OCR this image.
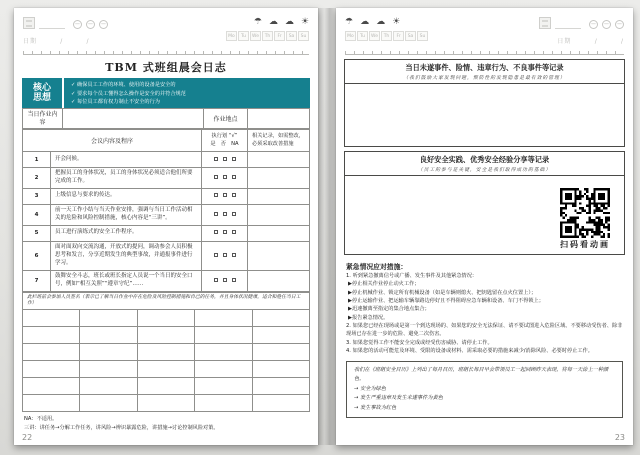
− − −
日期        /        /
☂ ☁ ☁ ☀
Mo	Tu	We	Th	Fr	Sa	Su
TBM 式班组晨会日志
核心
思想
✓ 确保员工工作的环境、使用的设备是安全的
✓ 要求每个员工懂得怎么操作是安全的并符合规范
✓ 每位员工都有权力制止不安全的行为
当日作业内容		作业地点	
会议内容及程序		执行划 “√”
是　否　NA	相关记录，如需整改，必须采取改善措施
1	开会问候。		
2	把握员工的身体状况，员工的身体状况必须适合他们所要完成的工作。		
3	上级信息与要求的传达。		
4	前一天工作小结与当天作业安排，强调与当日工作活动相关的危险和风险控制措施，核心内容是“三讲”。		
5	员工进行演练式的安全工作程序。		
6	面对面双向交流沟通，开放式的提问，调动参会人员积极思考和发言，分享近期发生的典型事故，并通报事件进行学习。		
7	鼓舞安全斗志，班长或班长指定人员说一个当日的安全口号，例如“相互关照”“遵章守纪”……		
此栏班前会参加人员签名（表示已了解当日作业中存在危险及风险控制措施和自己的任务，并且身体状况健康，适合和胜任当日工作）				

NA：不适用。
三讲：讲任务→分解工作任务，讲风险→辨识暴露危险，讲措施→讨论控制风险对策。
22
☂ ☁ ☁ ☀
Mo	Tu	We	Th	Fr	Sa	Su
− − −
日期        /        /
当日未遂事件、险情、违章行为、不良事件等记录
（我们鼓励大家发现问题，预防性的发现隐患是最有效的管理）
良好安全实践、优秀安全经验分享等记录
（员工的参与是关键，安全是我们取得成功的基础）
扫码看动画
紧急情况应对措施：
1. 听到紧急撤离信号或广播、发生事件及其他紧急情况：
▶停止相关作业停止动火工作；
▶停止机械作业、锁定所有机械设备（如是车辆则熄火、把钥匙留在点火位置上）；
▶停止运输作业、把运输车辆靠路边停好且不得阻碍应急车辆和设备、车门不得锁上；
▶迅速撤离至指定的集合地点集合；
▶报告紧急情况。
2. 如果您已经在现场或是第一个到达现场的、如果您的安全无法保证、请不要试图进入危险区域、不要移动受伤者、除非现场已存在进一步的危险、避免二次伤害。
3. 如果您觉得工作不能安全完成或经受伤害威胁、请停止工作。
4. 如果您的活动可能危及环境、受限的设备或材料、需采取必要的措施来减少/消除风险、必要时停止工作。
我们在《班组安全日历》上列出了每月日历，班组长每日早会带领员工一起回顾昨天表现，将每一天涂上一种颜色。
→ 安全为绿色
→ 发生严重违章及发生未遂事件为黄色
→ 发生事故为红色
23
